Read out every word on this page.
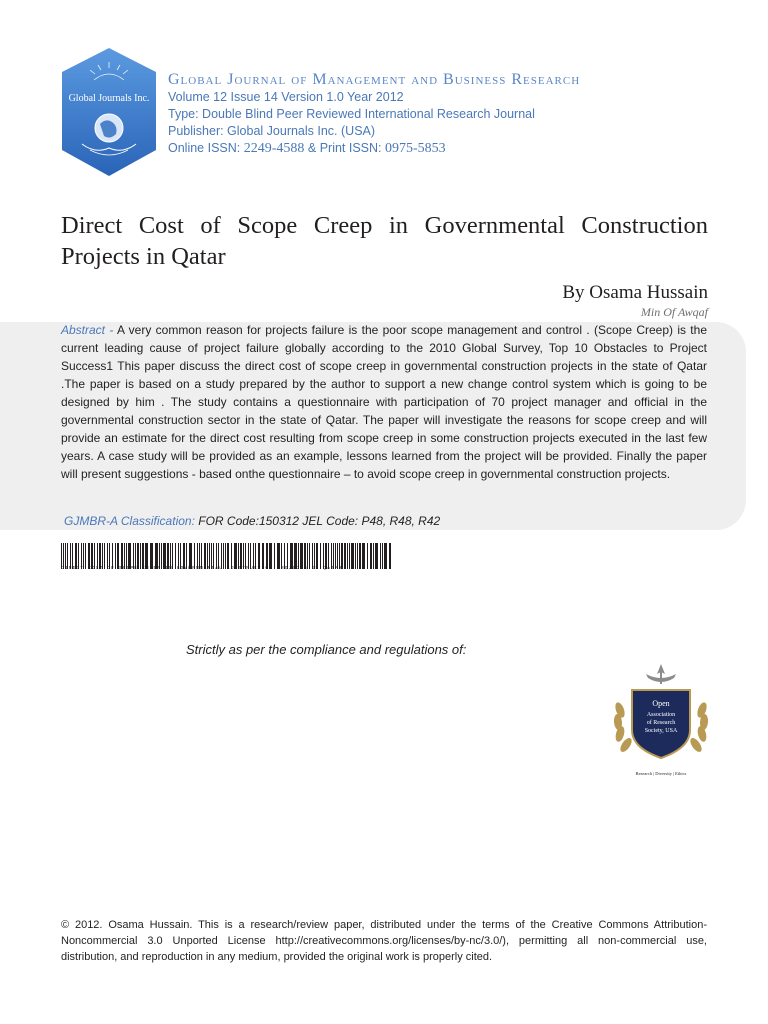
Global Journals Inc.
Global Journal of Management and Business Research
Volume 12 Issue 14 Version 1.0 Year 2012
Type: Double Blind Peer Reviewed International Research Journal
Publisher: Global Journals Inc. (USA)
Online ISSN: 2249-4588 & Print ISSN: 0975-5853
Direct Cost of Scope Creep in Governmental Construction Projects in Qatar
By Osama Hussain
Min Of Awqaf
Abstract - A very common reason for projects failure is the poor scope management and control . (Scope Creep) is the current leading cause of project failure globally according to the 2010 Global Survey, Top 10 Obstacles to Project Success1 This paper discuss the direct cost of scope creep in governmental construction projects in the state of Qatar .The paper is based on a study prepared by the author to support a new change control system which is going to be designed by him . The study contains a questionnaire with participation of 70 project manager and official in the governmental construction sector in the state of Qatar. The paper will investigate the reasons for scope creep and will provide an estimate for the direct cost resulting from scope creep in some construction projects executed in the last few years. A case study will be provided as an example, lessons learned from the project will be provided. Finally the paper will present suggestions - based onthe questionnaire – to avoid scope creep in governmental construction projects.
GJMBR-A Classification: FOR Code:150312 JEL Code: P48, R48, R42
DIRECT COST OF SCOPE CREEP IN GOVERNMENTAL CONSTRUCTION PROJECTS IN QATAR
Strictly as per the compliance and regulations of:
Open
Association
of Research
Society, USA
Research | Diversity | Ethics
© 2012. Osama Hussain. This is a research/review paper, distributed under the terms of the Creative Commons Attribution-Noncommercial 3.0 Unported License http://creativecommons.org/licenses/by-nc/3.0/), permitting all non-commercial use, distribution, and reproduction in any medium, provided the original work is properly cited.
